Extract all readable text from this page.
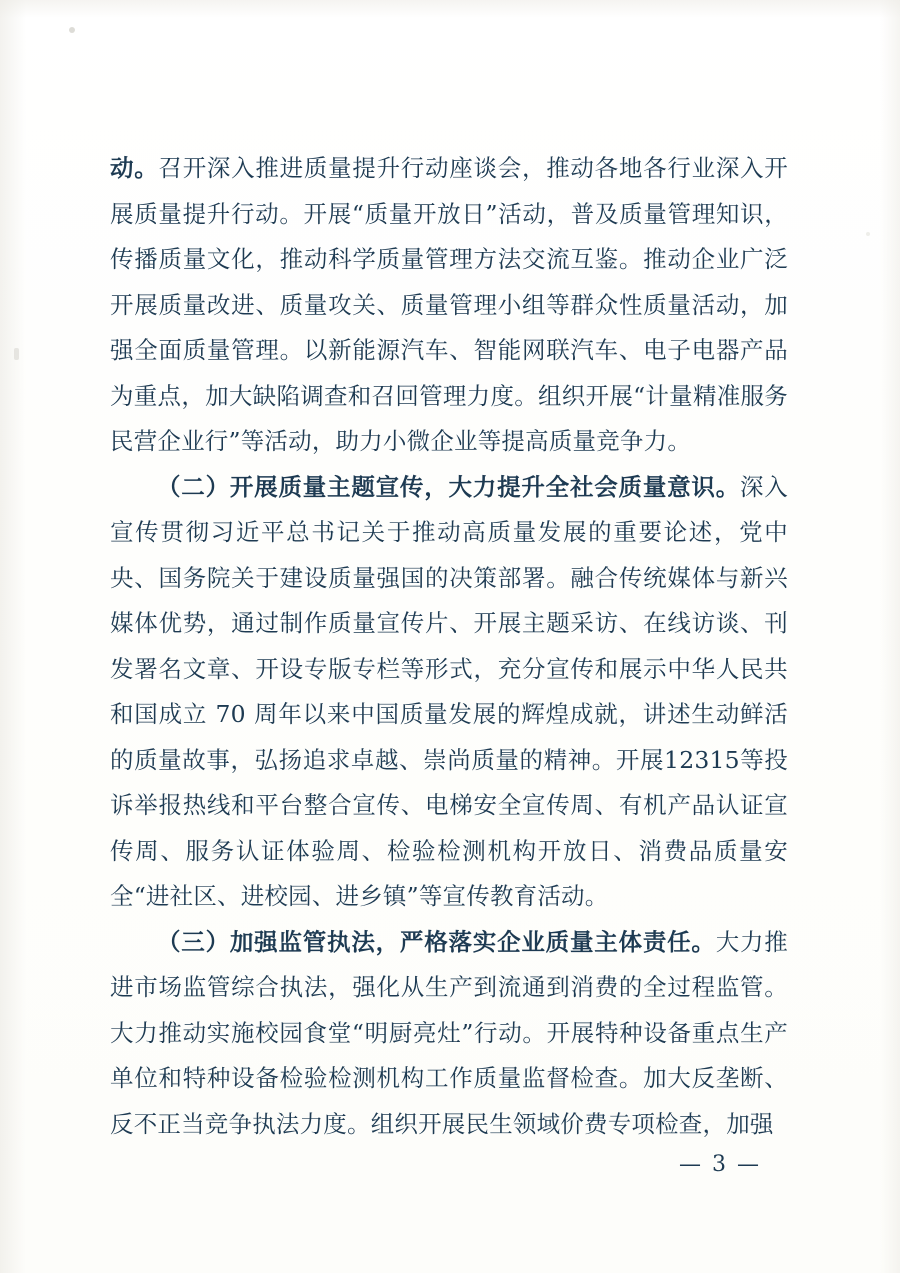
动。召开深入推进质量提升行动座谈会，推动各地各行业深入开展质量提升行动。开展“质量开放日”活动，普及质量管理知识，传播质量文化，推动科学质量管理方法交流互鉴。推动企业广泛开展质量改进、质量攻关、质量管理小组等群众性质量活动，加强全面质量管理。以新能源汽车、智能网联汽车、电子电器产品为重点，加大缺陷调查和召回管理力度。组织开展“计量精准服务民营企业行”等活动，助力小微企业等提高质量竞争力。

（二）开展质量主题宣传，大力提升全社会质量意识。深入宣传贯彻习近平总书记关于推动高质量发展的重要论述，党中央、国务院关于建设质量强国的决策部署。融合传统媒体与新兴媒体优势，通过制作质量宣传片、开展主题采访、在线访谈、刊发署名文章、开设专版专栏等形式，充分宣传和展示中华人民共和国成立 70 周年以来中国质量发展的辉煌成就，讲述生动鲜活的质量故事，弘扬追求卓越、崇尚质量的精神。开展12315等投诉举报热线和平台整合宣传、电梯安全宣传周、有机产品认证宣传周、服务认证体验周、检验检测机构开放日、消费品质量安全“进社区、进校园、进乡镇”等宣传教育活动。

（三）加强监管执法，严格落实企业质量主体责任。大力推进市场监管综合执法，强化从生产到流通到消费的全过程监管。大力推动实施校园食堂“明厨亮灶”行动。开展特种设备重点生产单位和特种设备检验检测机构工作质量监督检查。加大反垄断、反不正当竞争执法力度。组织开展民生领域价费专项检查，加强

— 3 —
